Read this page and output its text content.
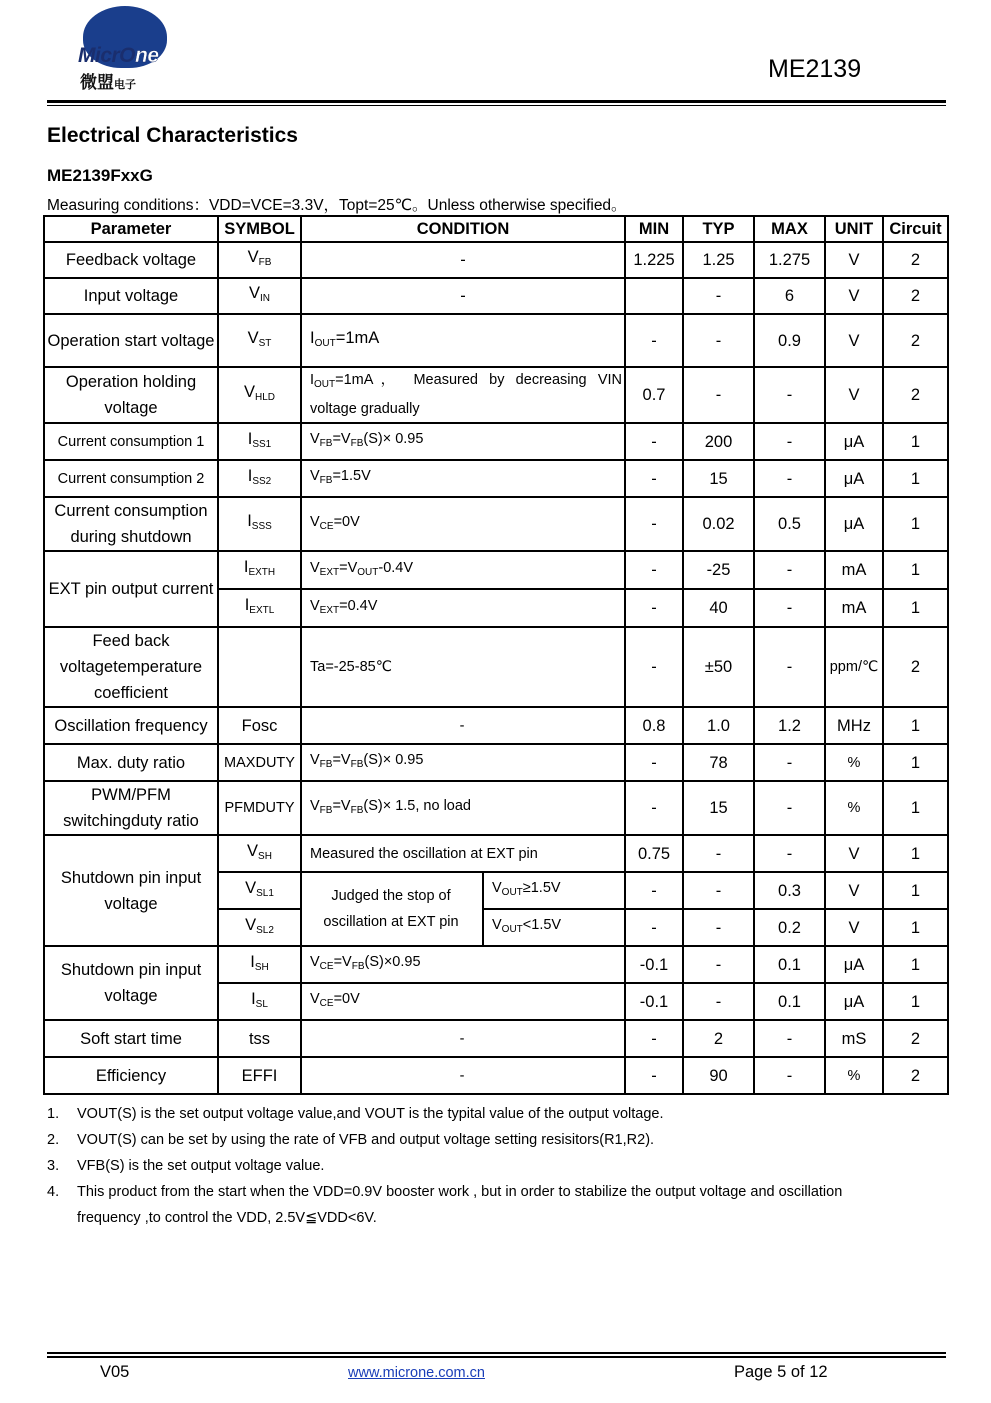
MicrOne
微盟电子
ME2139
Electrical Characteristics
ME2139FxxG
Measuring conditions：VDD=VCE=3.3V，Topt=25℃。Unless otherwise specified。
Parameter	SYMBOL	CONDITION		MIN	TYP	MAX	UNIT	Circuit
Feedback voltage	$V_{FB}$	-		1.225	1.25	1.275	V	2
Input voltage	$V_{IN}$	-			-	6	V	2
Operation start voltage	$V_{ST}$	$I_{OUT}=1mA$		-	-	0.9	V	2
Operation holding voltage	$V_{HLD}$	$I_{OUT}=1mA$， Measured by decreasing VIN voltage gradually		0.7	-	-	V	2
Current consumption 1	$I_{SS1}$	$V_{FB}=V_{FB}(S)\times 0.95$		-	200	-	μA	1
Current consumption 2	$I_{SS2}$	$V_{FB}=1.5V$		-	15	-	μA	1
Current consumption during shutdown	$I_{SSS}$	$V_{CE}=0V$		-	0.02	0.5	μA	1
EXT pin output current	$I_{EXTH}$	$V_{EXT}=V_{OUT}-0.4V$		-	-25	-	mA	1
	$I_{EXTL}$	$V_{EXT}=0.4V$		-	40	-	mA	1
Feed back voltagetemperature coefficient		Ta=-25-85℃		-	±50	-	ppm/℃	2
Oscillation frequency	Fosc	-		0.8	1.0	1.2	MHz	1
Max. duty ratio	MAXDUTY	$V_{FB}=V_{FB}(S)\times 0.95$		-	78	-	%	1
PWM/PFM switchingduty ratio	PFMDUTY	$V_{FB}=V_{FB}(S)\times 1.5$, no load		-	15	-	%	1
Shutdown pin input voltage	$V_{SH}$	Measured the oscillation at EXT pin		0.75	-	-	V	1
	$V_{SL1}$	Judged the stop of oscillation at EXT pin	$V_{OUT}\ge 1.5V$	-	-	0.3	V	1
	$V_{SL2}$		$V_{OUT}<1.5V$	-	-	0.2	V	1
Shutdown pin input voltage	$I_{SH}$	$V_{CE}=V_{FB}(S)\times 0.95$		-0.1	-	0.1	μA	1
	$I_{SL}$	$V_{CE}=0V$		-0.1	-	0.1	μA	1
Soft start time	tss	-		-	2	-	mS	2
Efficiency	EFFI	-		-	90	-	%	2
1.	VOUT(S) is the set output voltage value,and VOUT is the typital value of the output voltage.
2.	VOUT(S) can be set by using the rate of VFB and output voltage setting resisitors(R1,R2).
3.	VFB(S) is the set output voltage value.
4.	This product from the start when the VDD=0.9V booster work , but in order to stabilize the output voltage and oscillation
frequency ,to control the VDD, 2.5V≦VDD<6V.
V05	www.microne.com.cn	Page 5 of 12
